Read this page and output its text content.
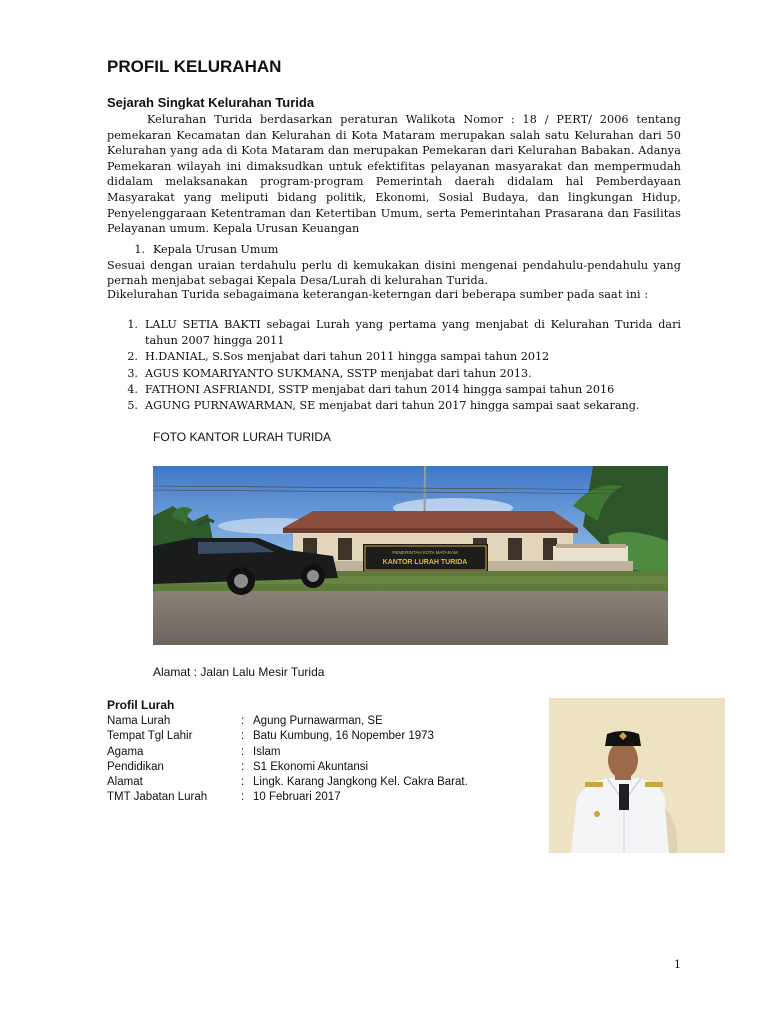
PROFIL KELURAHAN
Sejarah Singkat Kelurahan Turida

Kelurahan Turida berdasarkan peraturan Walikota Nomor : 18 / PERT/ 2006 tentang pemekaran Kecamatan dan Kelurahan di Kota Mataram merupakan salah satu Kelurahan dari 50 Kelurahan yang ada di Kota Mataram dan merupakan Pemekaran dari Kelurahan Babakan. Adanya Pemekaran wilayah ini dimaksudkan untuk efektifitas pelayanan masyarakat dan mempermudah didalam melaksanakan program-program Pemerintah daerah didalam hal Pemberdayaan Masyarakat yang meliputi bidang politik, Ekonomi, Sosial Budaya, dan lingkungan Hidup, Penyelenggaraan Ketentraman dan Ketertiban Umum, serta Pemerintahan Prasarana dan Fasilitas Pelayanan umum. Kepala Urusan Keuangan

1. Kepala Urusan Umum

Sesuai dengan uraian terdahulu perlu di kemukakan disini mengenai pendahulu-pendahulu yang pernah menjabat sebagai Kepala Desa/Lurah di kelurahan Turida.

Dikelurahan Turida sebagaimana keterangan-keterngan dari beberapa sumber pada saat ini :

1. LALU SETIA BAKTI sebagai Lurah yang pertama yang menjabat di Kelurahan Turida dari tahun 2007 hingga 2011
2. H.DANIAL, S.Sos menjabat dari tahun 2011 hingga sampai tahun 2012
3. AGUS KOMARIYANTO SUKMANA, SSTP menjabat dari tahun 2013.
4. FATHONI ASFRIANDI, SSTP menjabat dari tahun 2014 hingga sampai tahun 2016
5. AGUNG PURNAWARMAN, SE menjabat dari tahun 2017 hingga sampai saat sekarang.
FOTO KANTOR LURAH TURIDA
PEMERINTAH KOTA MATARAM
KANTOR LURAH TURIDA
Alamat : Jalan Lalu Mesir Turida
Profil Lurah
Nama Lurah	:	Agung Purnawarman, SE
Tempat Tgl Lahir	:	Batu Kumbung, 16 Nopember 1973
Agama	:	Islam
Pendidikan	:	S1 Ekonomi Akuntansi
Alamat	:	Lingk. Karang Jangkong Kel. Cakra Barat.
TMT Jabatan Lurah	:	10 Februari 2017
1
